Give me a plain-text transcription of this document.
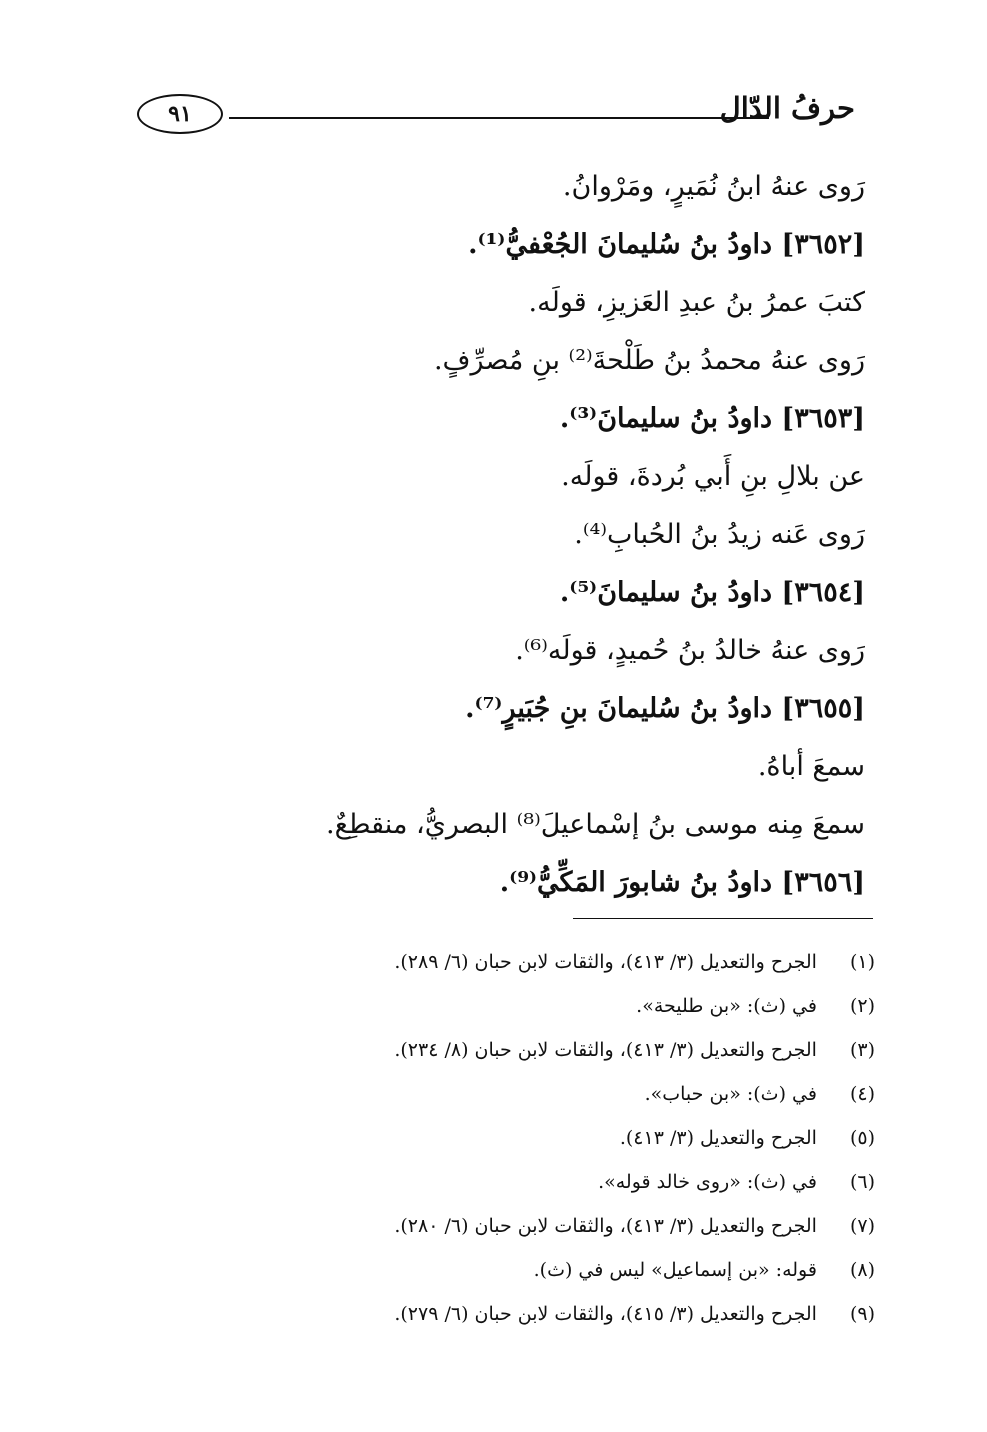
٩١	حرفُ الدّال
رَوى عنهُ ابنُ نُمَيرٍ، ومَرْوانُ.
[٣٦٥٢] داودُ بنُ سُليمانَ الجُعْفيُّ⁽¹⁾.
كتبَ عمرُ بنُ عبدِ العَزيزِ، قولَه.
رَوى عنهُ محمدُ بنُ طَلْحةَ⁽²⁾ بنِ مُصرِّفٍ.
[٣٦٥٣] داودُ بنُ سليمانَ⁽³⁾.
عن بلالِ بنِ أَبي بُردةَ، قولَه.
رَوى عَنه زيدُ بنُ الحُبابِ⁽⁴⁾.
[٣٦٥٤] داودُ بنُ سليمانَ⁽⁵⁾.
رَوى عنهُ خالدُ بنُ حُميدٍ، قولَه⁽⁶⁾.
[٣٦٥٥] داودُ بنُ سُليمانَ بنِ جُبَيرٍ⁽⁷⁾.
سمعَ أباهُ.
سمعَ مِنه موسى بنُ إسْماعيلَ⁽⁸⁾ البصريُّ، منقطِعٌ.
[٣٦٥٦] داودُ بنُ شابورَ المَكِّيُّ⁽⁹⁾.
(١) الجرح والتعديل (٣/ ٤١٣)، والثقات لابن حبان (٦/ ٢٨٩).
(٢) في (ث): «بن طليحة».
(٣) الجرح والتعديل (٣/ ٤١٣)، والثقات لابن حبان (٨/ ٢٣٤).
(٤) في (ث): «بن حباب».
(٥) الجرح والتعديل (٣/ ٤١٣).
(٦) في (ث): «روى خالد قوله».
(٧) الجرح والتعديل (٣/ ٤١٣)، والثقات لابن حبان (٦/ ٢٨٠).
(٨) قوله: «بن إسماعيل» ليس في (ث).
(٩) الجرح والتعديل (٣/ ٤١٥)، والثقات لابن حبان (٦/ ٢٧٩).
